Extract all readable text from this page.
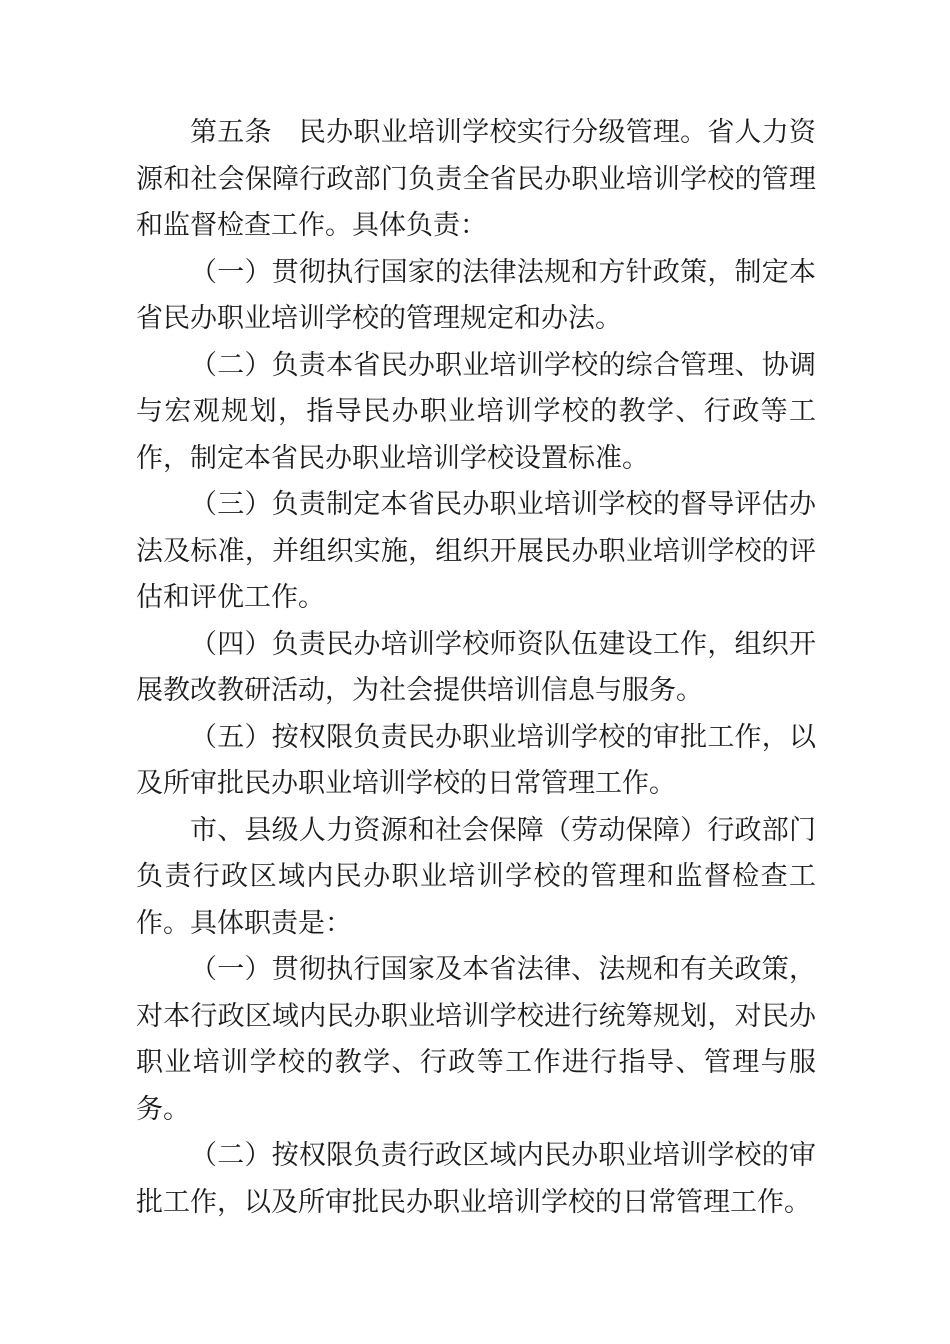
第五条　民办职业培训学校实行分级管理。省人力资源和社会保障行政部门负责全省民办职业培训学校的管理和监督检查工作。具体负责：

（一）贯彻执行国家的法律法规和方针政策，制定本省民办职业培训学校的管理规定和办法。

（二）负责本省民办职业培训学校的综合管理、协调与宏观规划，指导民办职业培训学校的教学、行政等工作，制定本省民办职业培训学校设置标准。

（三）负责制定本省民办职业培训学校的督导评估办法及标准，并组织实施，组织开展民办职业培训学校的评估和评优工作。

（四）负责民办培训学校师资队伍建设工作，组织开展教改教研活动，为社会提供培训信息与服务。

（五）按权限负责民办职业培训学校的审批工作，以及所审批民办职业培训学校的日常管理工作。

市、县级人力资源和社会保障（劳动保障）行政部门负责行政区域内民办职业培训学校的管理和监督检查工作。具体职责是：

（一）贯彻执行国家及本省法律、法规和有关政策，对本行政区域内民办职业培训学校进行统筹规划，对民办职业培训学校的教学、行政等工作进行指导、管理与服务。

（二）按权限负责行政区域内民办职业培训学校的审批工作，以及所审批民办职业培训学校的日常管理工作。
